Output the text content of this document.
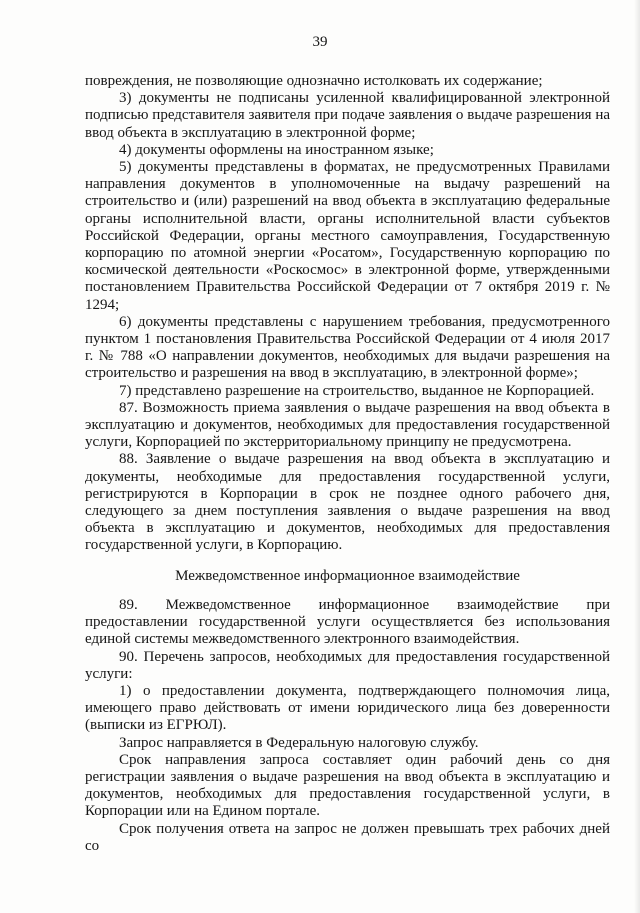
39

повреждения, не позволяющие однозначно истолковать их содержание;

3) документы не подписаны усиленной квалифицированной электронной подписью представителя заявителя при подаче заявления о выдаче разрешения на ввод объекта в эксплуатацию в электронной форме;

4) документы оформлены на иностранном языке;

5) документы представлены в форматах, не предусмотренных Правилами направления документов в уполномоченные на выдачу разрешений на строительство и (или) разрешений на ввод объекта в эксплуатацию федеральные органы исполнительной власти, органы исполнительной власти субъектов Российской Федерации, органы местного самоуправления, Государственную корпорацию по атомной энергии «Росатом», Государственную корпорацию по космической деятельности «Роскосмос» в электронной форме, утвержденными постановлением Правительства Российской Федерации от 7 октября 2019 г. № 1294;

6) документы представлены с нарушением требования, предусмотренного пунктом 1 постановления Правительства Российской Федерации от 4 июля 2017 г. № 788 «О направлении документов, необходимых для выдачи разрешения на строительство и разрешения на ввод в эксплуатацию, в электронной форме»;

7) представлено разрешение на строительство, выданное не Корпорацией.

87. Возможность приема заявления о выдаче разрешения на ввод объекта в эксплуатацию и документов, необходимых для предоставления государственной услуги, Корпорацией по экстерриториальному принципу не предусмотрена.

88. Заявление о выдаче разрешения на ввод объекта в эксплуатацию и документы, необходимые для предоставления государственной услуги, регистрируются в Корпорации в срок не позднее одного рабочего дня, следующего за днем поступления заявления о выдаче разрешения на ввод объекта в эксплуатацию и документов, необходимых для предоставления государственной услуги, в Корпорацию.

Межведомственное информационное взаимодействие

89. Межведомственное информационное взаимодействие при предоставлении государственной услуги осуществляется без использования единой системы межведомственного электронного взаимодействия.

90. Перечень запросов, необходимых для предоставления государственной услуги:

1) о предоставлении документа, подтверждающего полномочия лица, имеющего право действовать от имени юридического лица без доверенности (выписки из ЕГРЮЛ).

Запрос направляется в Федеральную налоговую службу.

Срок направления запроса составляет один рабочий день со дня регистрации заявления о выдаче разрешения на ввод объекта в эксплуатацию и документов, необходимых для предоставления государственной услуги, в Корпорации или на Едином портале.

Срок получения ответа на запрос не должен превышать трех рабочих дней со
